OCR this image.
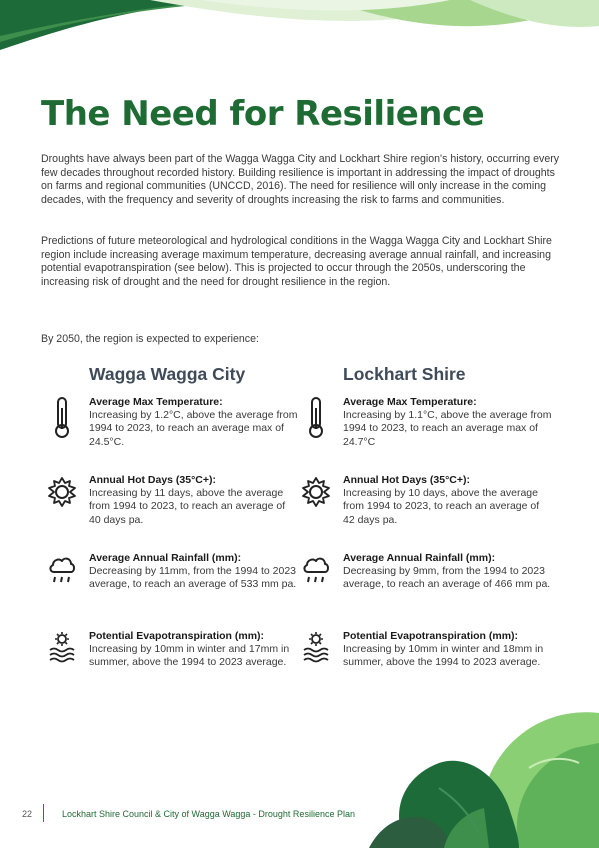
The Need for Resilience

Droughts have always been part of the Wagga Wagga City and Lockhart Shire region's history, occurring every few decades throughout recorded history. Building resilience is important in addressing the impact of droughts on farms and regional communities (UNCCD, 2016). The need for resilience will only increase in the coming decades, with the frequency and severity of droughts increasing the risk to farms and communities.

Predictions of future meteorological and hydrological conditions in the Wagga Wagga City and Lockhart Shire region include increasing average maximum temperature, decreasing average annual rainfall, and increasing potential evapotranspiration (see below). This is projected to occur through the 2050s, underscoring the increasing risk of drought and the need for drought resilience in the region.

By 2050, the region is expected to experience:

Wagga Wagga City	Lockhart Shire
Average Max Temperature:
Increasing by 1.2°C, above the average from 1994 to 2023, to reach an average max of 24.5°C.
Annual Hot Days (35°C+):
Increasing by 11 days, above the average from 1994 to 2023, to reach an average of 40 days pa.
Average Annual Rainfall (mm):
Decreasing by 11mm, from the 1994 to 2023 average, to reach an average of 533 mm pa.
Potential Evapotranspiration (mm): Increasing by 10mm in winter and 17mm in summer, above the 1994 to 2023 average.
Average Max Temperature:
Increasing by 1.1°C, above the average from 1994 to 2023, to reach an average max of 24.7°C
Annual Hot Days (35°C+):
Increasing by 10 days, above the average from 1994 to 2023, to reach an average of 42 days pa.
Average Annual Rainfall (mm):
Decreasing by 9mm, from the 1994 to 2023 average, to reach an average of 466 mm pa.
Potential Evapotranspiration (mm): Increasing by 10mm in winter and 18mm in summer, above the 1994 to 2023 average.
22	Lockhart Shire Council & City of Wagga Wagga - Drought Resilience Plan
